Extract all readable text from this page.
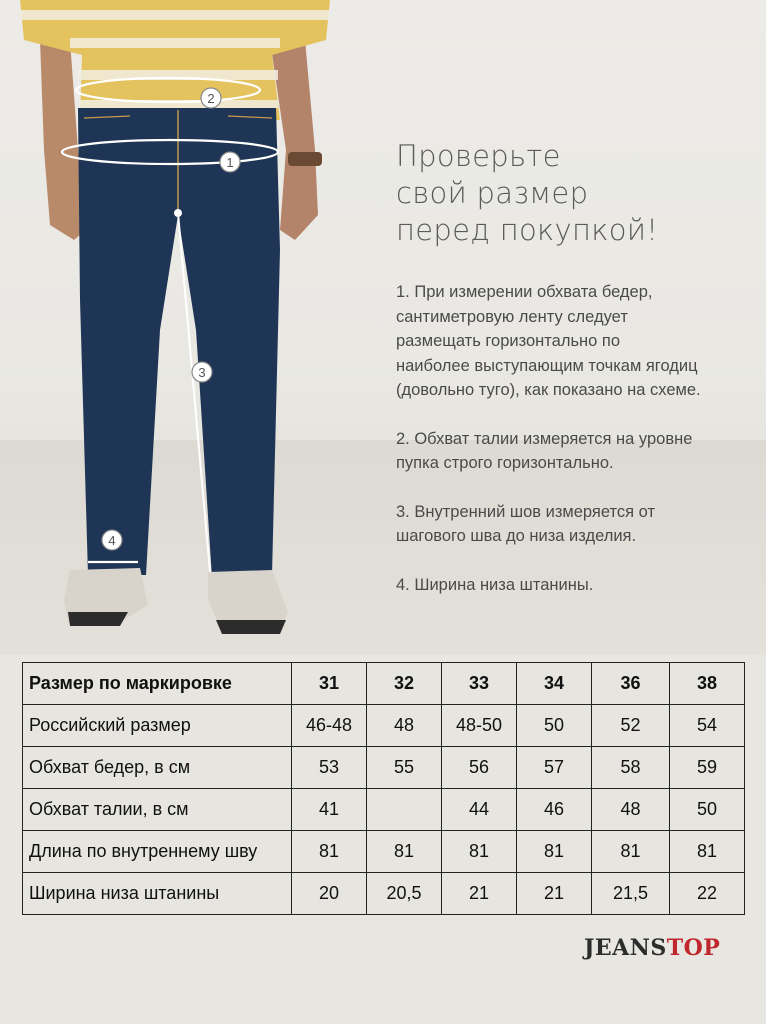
2
1
3
4
Проверьте
свой размер
перед покупкой!
1. При измерении обхвата бедер,
сантиметровую ленту следует
размещать горизонтально по
наиболее выступающим точкам ягодиц
(довольно туго), как показано на схеме.
2. Обхват талии измеряется на уровне
пупка строго горизонтально.
3. Внутренний шов измеряется от
шагового шва до низа изделия.
4. Ширина низа штанины.
Размер по маркировке	31	32	33	34	36	38
Российский размер	46-48	48	48-50	50	52	54
Обхват бедер, в см	53	55	56	57	58	59
Обхват талии, в см	41		44	46	48	50
Длина по внутреннему шву	81	81	81	81	81	81
Ширина низа штанины	20	20,5	21	21	21,5	22
JEANSTOP
